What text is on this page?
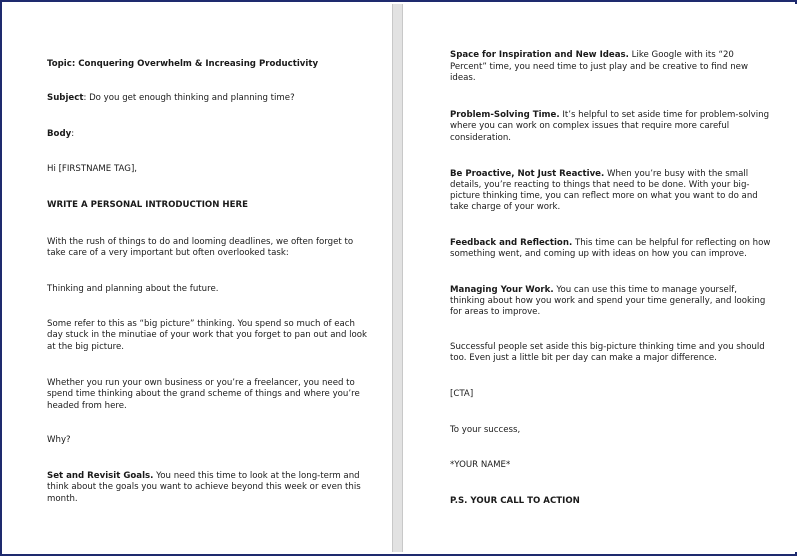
Topic: Conquering Overwhelm & Increasing Productivity
Subject: Do you get enough thinking and planning time?
Body:
Hi [FIRSTNAME TAG],
WRITE A PERSONAL INTRODUCTION HERE
With the rush of things to do and looming deadlines, we often forget to
take care of a very important but often overlooked task:
Thinking and planning about the future.
Some refer to this as “big picture” thinking. You spend so much of each
day stuck in the minutiae of your work that you forget to pan out and look
at the big picture.
Whether you run your own business or you’re a freelancer, you need to
spend time thinking about the grand scheme of things and where you’re
headed from here.
Why?
Set and Revisit Goals. You need this time to look at the long-term and
think about the goals you want to achieve beyond this week or even this
month.
Space for Inspiration and New Ideas. Like Google with its “20
Percent” time, you need time to just play and be creative to find new
ideas.
Problem-Solving Time. It’s helpful to set aside time for problem-solving
where you can work on complex issues that require more careful
consideration.
Be Proactive, Not Just Reactive. When you’re busy with the small
details, you’re reacting to things that need to be done. With your big-
picture thinking time, you can reflect more on what you want to do and
take charge of your work.
Feedback and Reflection. This time can be helpful for reflecting on how
something went, and coming up with ideas on how you can improve.
Managing Your Work. You can use this time to manage yourself,
thinking about how you work and spend your time generally, and looking
for areas to improve.
Successful people set aside this big-picture thinking time and you should
too. Even just a little bit per day can make a major difference.
[CTA]
To your success,
*YOUR NAME*
P.S. YOUR CALL TO ACTION
